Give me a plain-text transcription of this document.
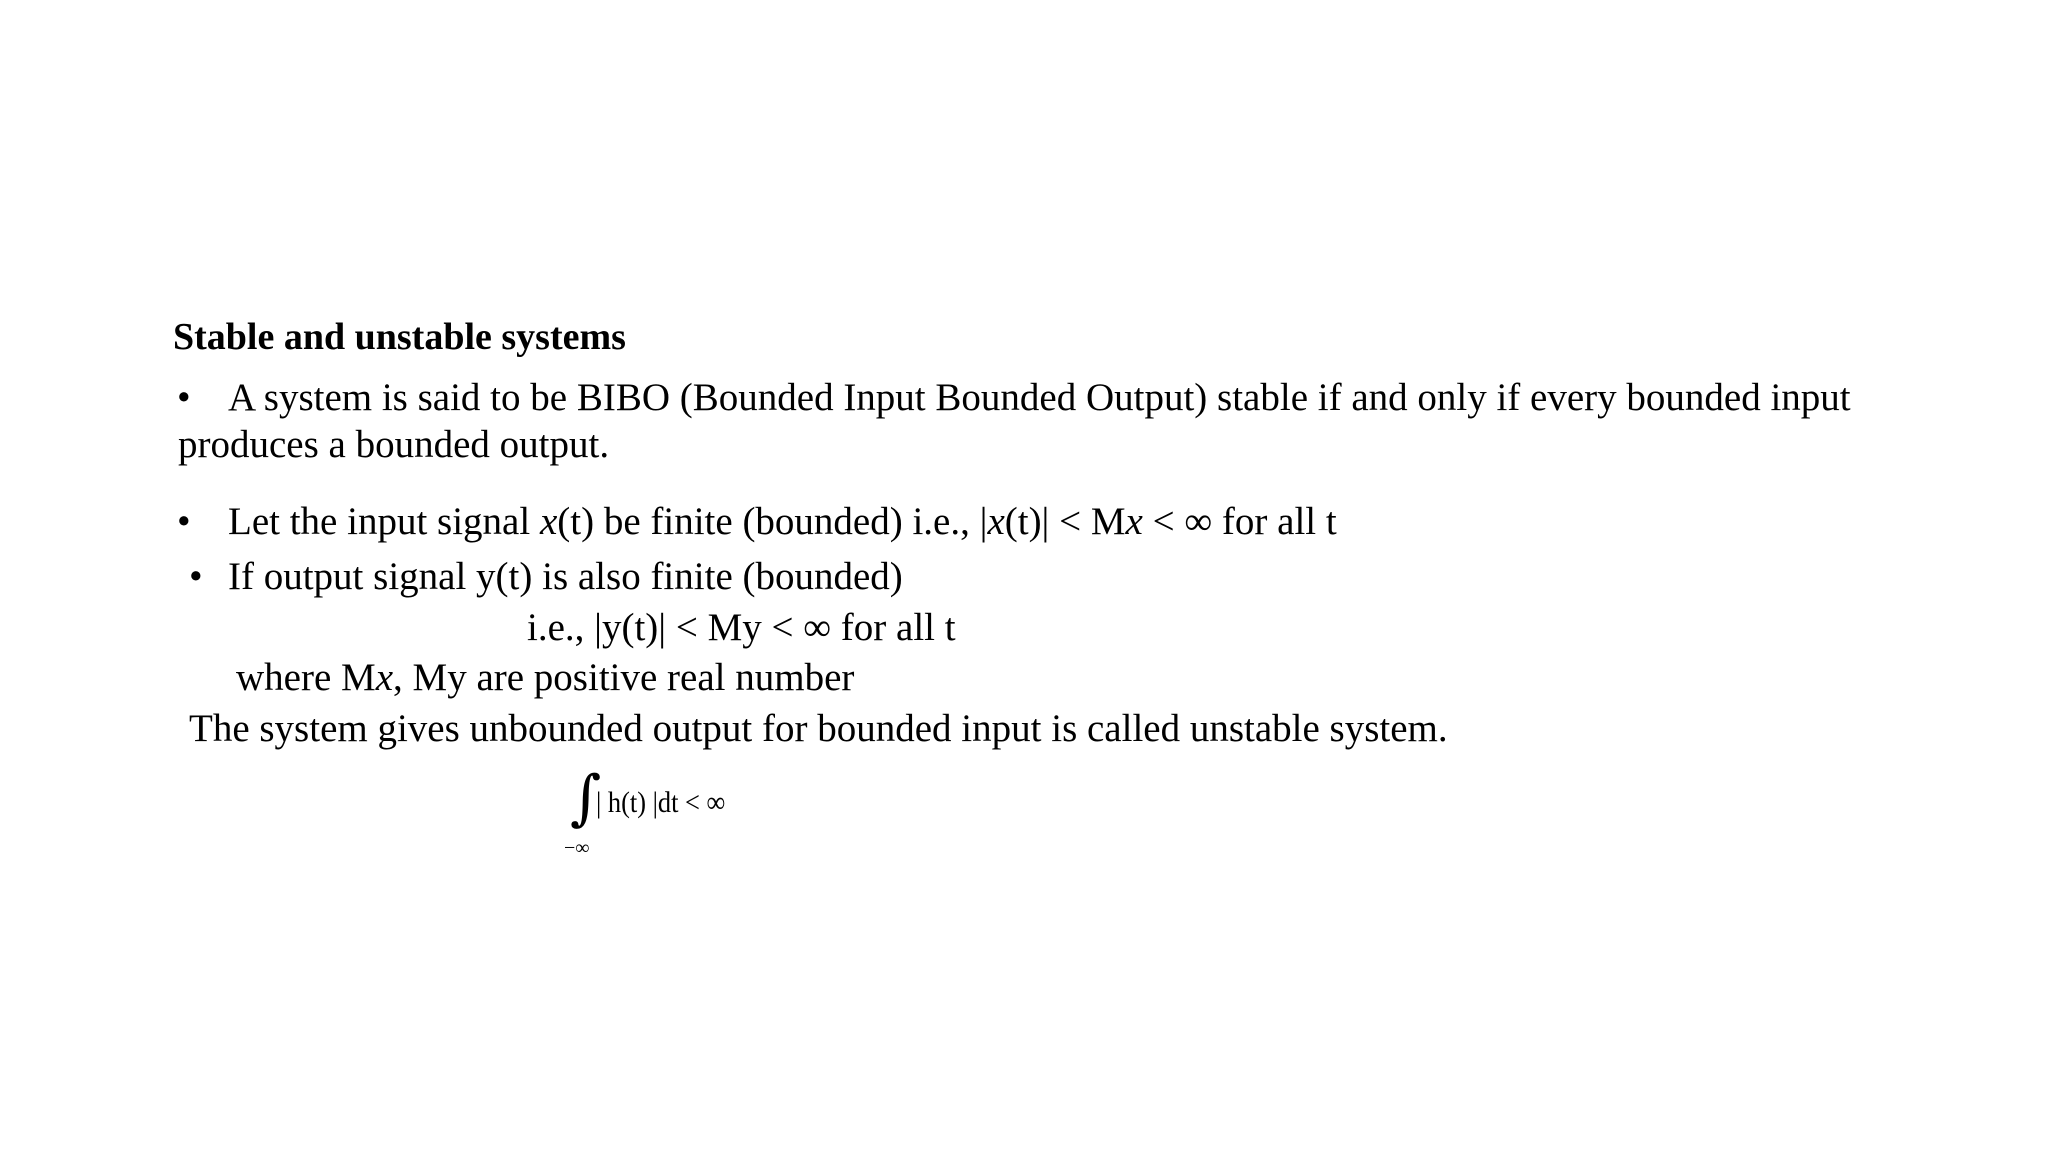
Stable and unstable systems
• A system is said to be BIBO (Bounded Input Bounded Output) stable if and only if every bounded input
produces a bounded output.
• Let the input signal x(t) be finite (bounded) i.e., |x(t)| < Mx < ∞ for all t
• If output signal y(t) is also finite (bounded)
i.e., |y(t)| < My < ∞ for all t
where Mx, My are positive real number
The system gives unbounded output for bounded input is called unstable system.
∫
| h(t) |dt < ∞
−∞
